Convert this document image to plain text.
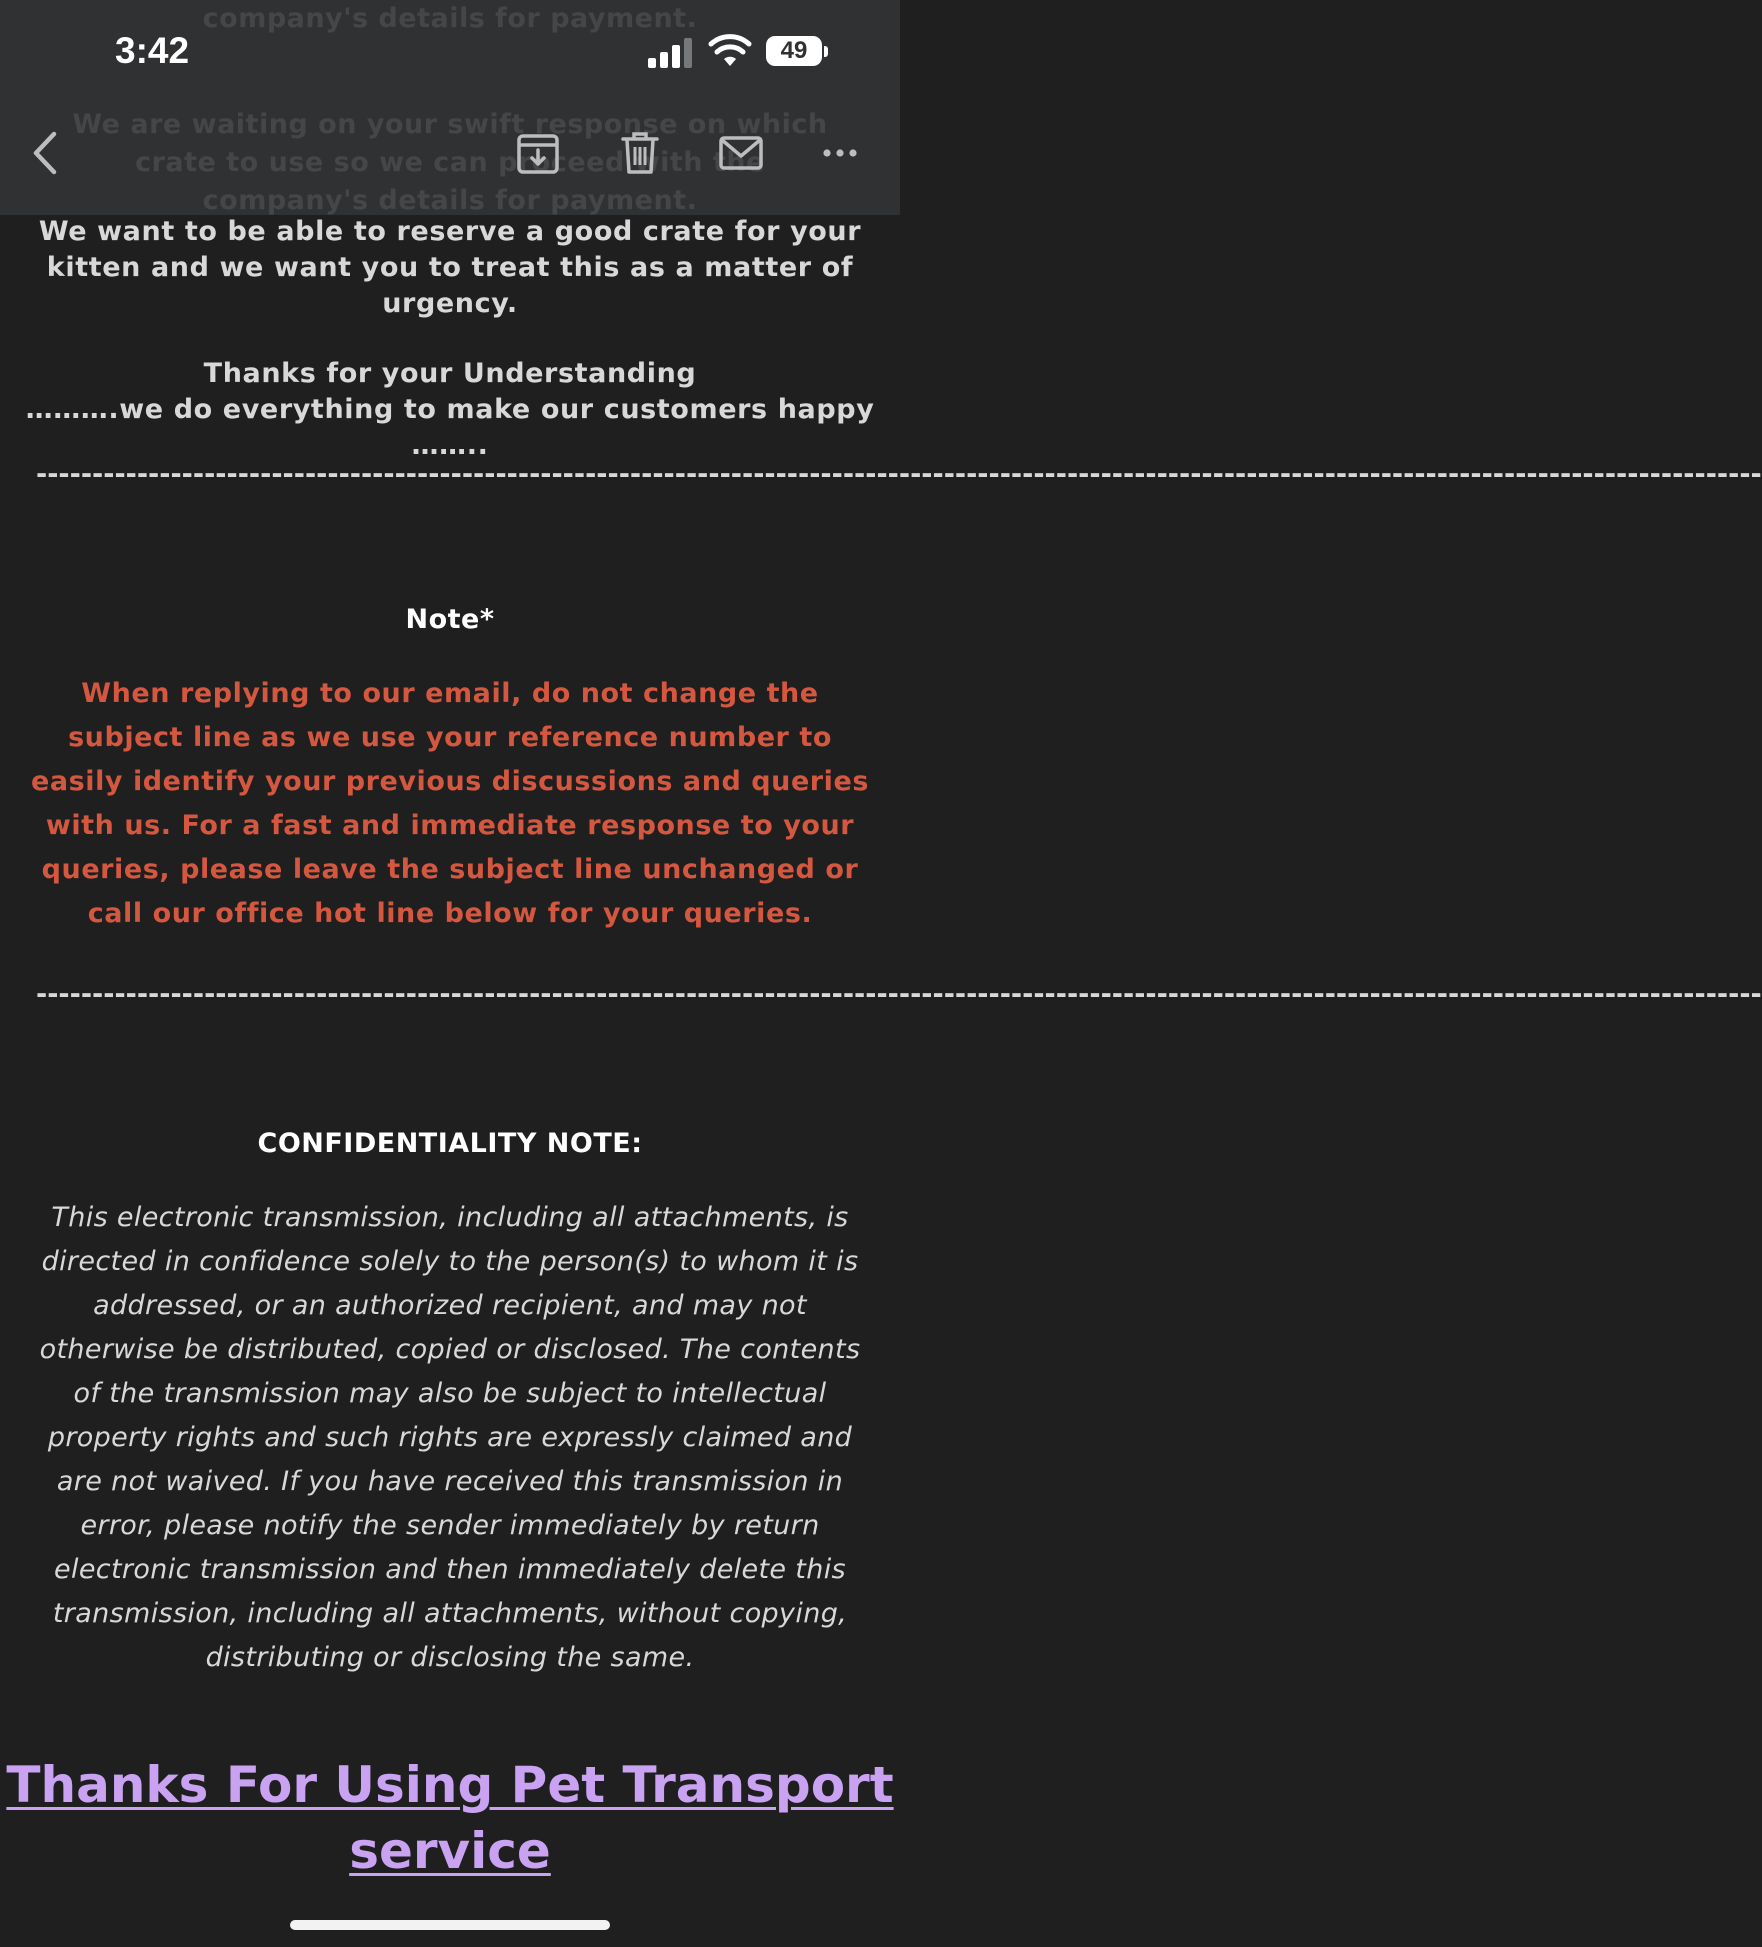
We want to be able to reserve a good crate for your kitten and we want you to treat this as a matter of urgency.
Thanks for your Understanding
……….we do everything to make our customers happy ……..
----------------------------------------------------------------------------------------------------------------------------------------------------------
Note*
When replying to our email, do not change the subject line as we use your reference number to easily identify your previous discussions and queries with us. For a fast and immediate response to your queries, please leave the subject line unchanged or call our office hot line below for your queries.
----------------------------------------------------------------------------------------------------------------------------------------------------------
CONFIDENTIALITY NOTE:
This electronic transmission, including all attachments, is directed in confidence solely to the person(s) to whom it is addressed, or an authorized recipient, and may not otherwise be distributed, copied or disclosed. The contents of the transmission may also be subject to intellectual property rights and such rights are expressly claimed and are not waived. If you have received this transmission in error, please notify the sender immediately by return electronic transmission and then immediately delete this transmission, including all attachments, without copying, distributing or disclosing the same.
Thanks For Using Pet Transport service
company's details for payment.
We are waiting on your swift response on which crate to use so we can proceed with the company's details for payment.
3:42	49
